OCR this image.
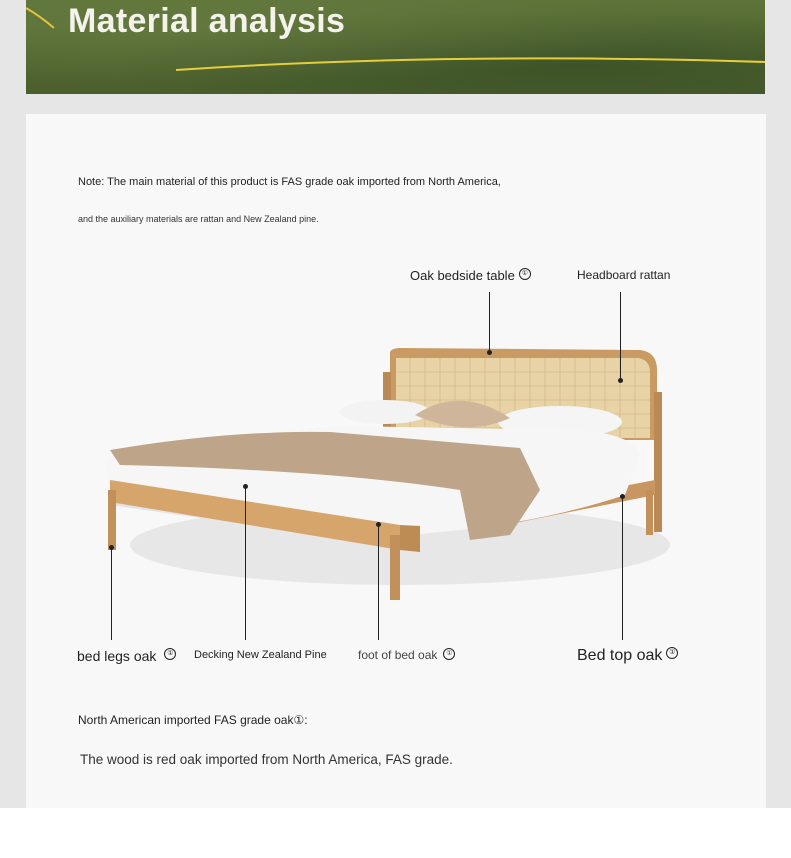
Material analysis
Note: The main material of this product is FAS grade oak imported from North America,
and the auxiliary materials are rattan and New Zealand pine.
Oak bedside table ①	Headboard rattan
bed legs oak ① Decking New Zealand Pine	foot of bed oak ①	Bed top oak ①
North American imported FAS grade oak①:
The wood is red oak imported from North America, FAS grade.
